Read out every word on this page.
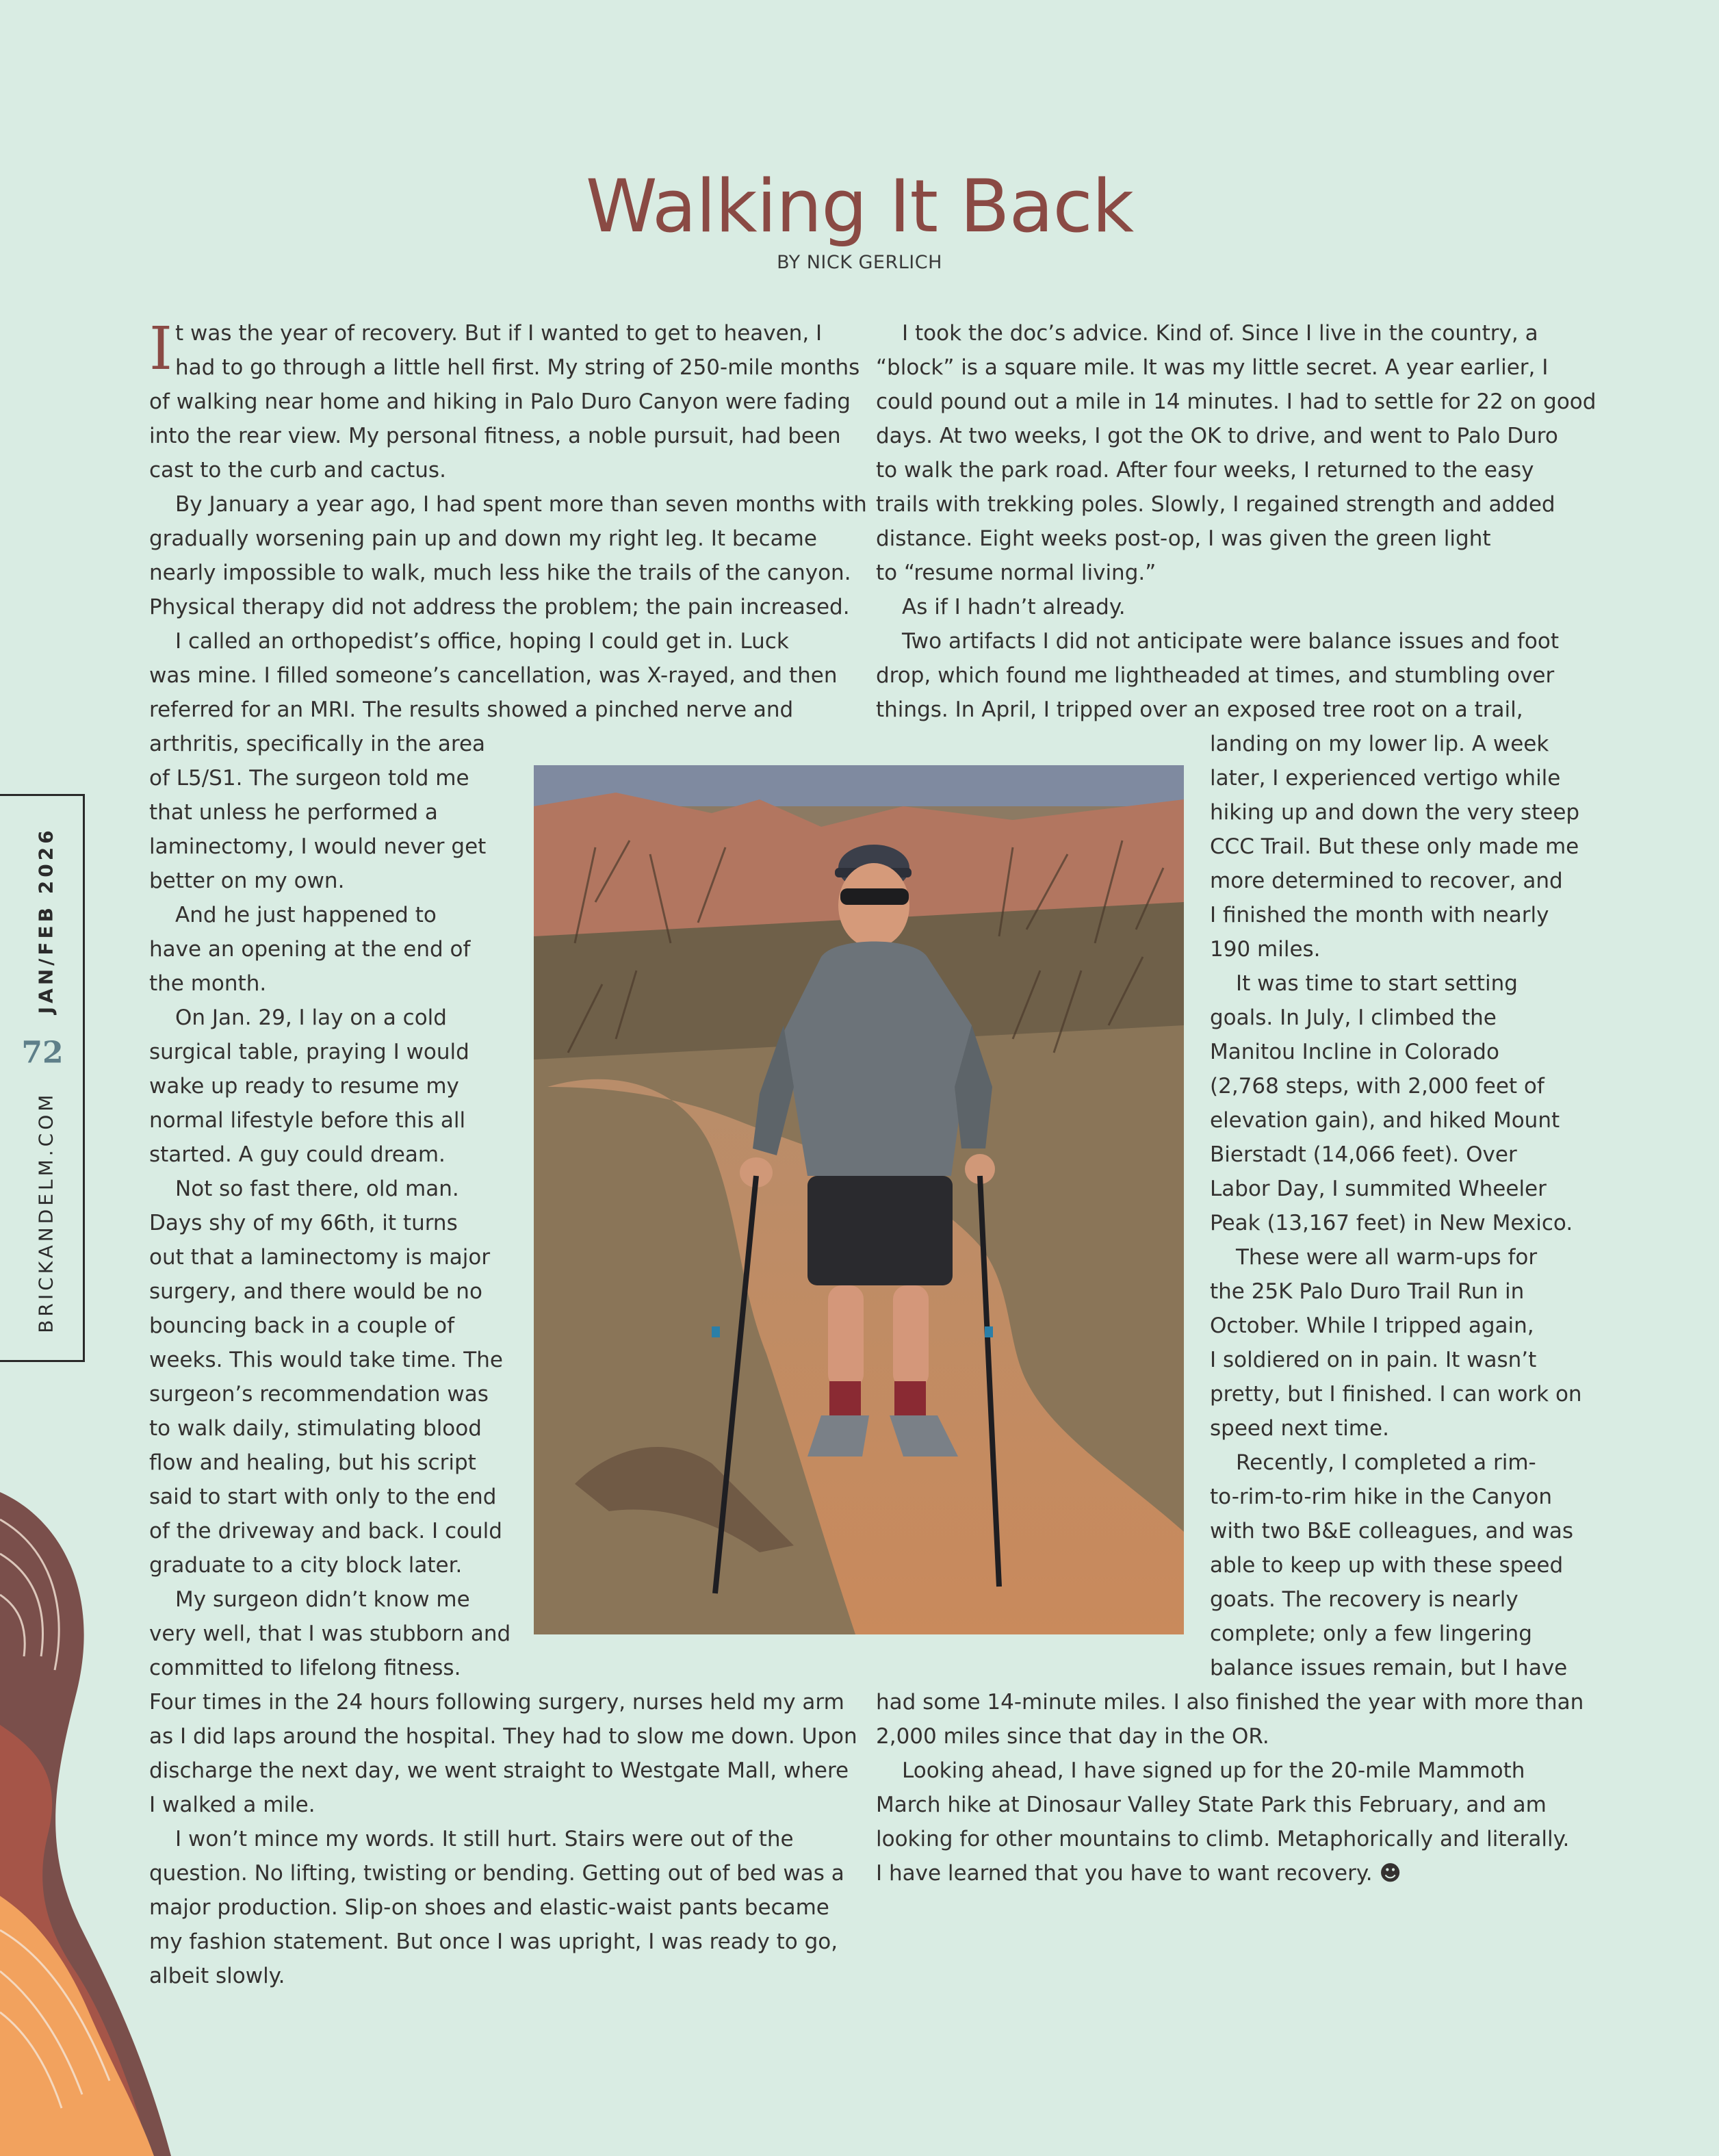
Walking It Back
BY NICK GERLICH
BRICKANDELM.COM72JAN/FEB 2026

I t was the year of recovery. But if I wanted to get to heaven, I

had to go through a little hell first. My string of 250-mile months

of walking near home and hiking in Palo Duro Canyon were fading

into the rear view. My personal fitness, a noble pursuit, had been

cast to the curb and cactus.

By January a year ago, I had spent more than seven months with

gradually worsening pain up and down my right leg. It became

nearly impossible to walk, much less hike the trails of the canyon.

Physical therapy did not address the problem; the pain increased.

I called an orthopedist’s office, hoping I could get in. Luck

was mine. I filled someone’s cancellation, was X-rayed, and then

referred for an MRI. The results showed a pinched nerve and

arthritis, specifically in the area

of L5/S1. The surgeon told me

that unless he performed a

laminectomy, I would never get

better on my own.

And he just happened to

have an opening at the end of

the month.

On Jan. 29, I lay on a cold

surgical table, praying I would

wake up ready to resume my

normal lifestyle before this all

started. A guy could dream.

Not so fast there, old man.

Days shy of my 66th, it turns

out that a laminectomy is major

surgery, and there would be no

bouncing back in a couple of

weeks. This would take time. The

surgeon’s recommendation was

to walk daily, stimulating blood

flow and healing, but his script

said to start with only to the end

of the driveway and back. I could

graduate to a city block later.

My surgeon didn’t know me

very well, that I was stubborn and

committed to lifelong fitness.

Four times in the 24 hours following surgery, nurses held my arm

as I did laps around the hospital. They had to slow me down. Upon

discharge the next day, we went straight to Westgate Mall, where

I walked a mile.

I won’t mince my words. It still hurt. Stairs were out of the

question. No lifting, twisting or bending. Getting out of bed was a

major production. Slip-on shoes and elastic-waist pants became

my fashion statement. But once I was upright, I was ready to go,

albeit slowly.

I took the doc’s advice. Kind of. Since I live in the country, a

“block” is a square mile. It was my little secret. A year earlier, I

could pound out a mile in 14 minutes. I had to settle for 22 on good

days. At two weeks, I got the OK to drive, and went to Palo Duro

to walk the park road. After four weeks, I returned to the easy

trails with trekking poles. Slowly, I regained strength and added

distance. Eight weeks post-op, I was given the green light

to “resume normal living.”

As if I hadn’t already.

Two artifacts I did not anticipate were balance issues and foot

drop, which found me lightheaded at times, and stumbling over

things. In April, I tripped over an exposed tree root on a trail,

landing on my lower lip. A week

later, I experienced vertigo while

hiking up and down the very steep

CCC Trail. But these only made me

more determined to recover, and

I finished the month with nearly

190 miles.

It was time to start setting

goals. In July, I climbed the

Manitou Incline in Colorado

(2,768 steps, with 2,000 feet of

elevation gain), and hiked Mount

Bierstadt (14,066 feet). Over

Labor Day, I summited Wheeler

Peak (13,167 feet) in New Mexico.

These were all warm-ups for

the 25K Palo Duro Trail Run in

October. While I tripped again,

I soldiered on in pain. It wasn’t

pretty, but I finished. I can work on

speed next time.

Recently, I completed a rim-

to-rim-to-rim hike in the Canyon

with two B&E colleagues, and was

able to keep up with these speed

goats. The recovery is nearly

complete; only a few lingering

balance issues remain, but I have

had some 14-minute miles. I also finished the year with more than

2,000 miles since that day in the OR.

Looking ahead, I have signed up for the 20-mile Mammoth

March hike at Dinosaur Valley State Park this February, and am

looking for other mountains to climb. Metaphorically and literally.

I have learned that you have to want recovery. ☻
